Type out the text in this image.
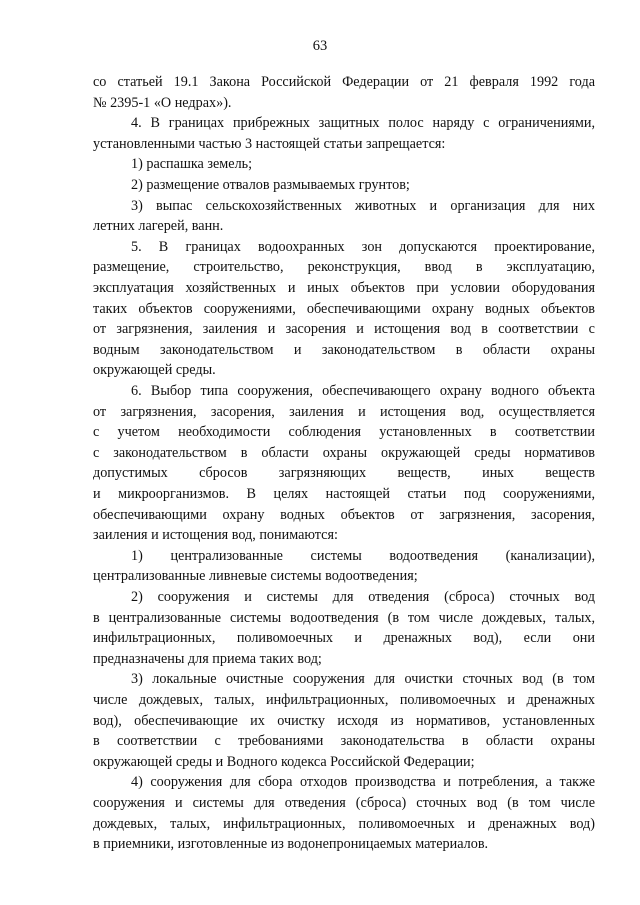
63
со статьей 19.1 Закона Российской Федерации от 21 февраля 1992 года
№ 2395-1 «О недрах»).
4. В границах прибрежных защитных полос наряду с ограничениями,
установленными частью 3 настоящей статьи запрещается:
1) распашка земель;
2) размещение отвалов размываемых грунтов;
3) выпас сельскохозяйственных животных и организация для них
летних лагерей, ванн.
5. В границах водоохранных зон допускаются проектирование,
размещение, строительство, реконструкция, ввод в эксплуатацию,
эксплуатация хозяйственных и иных объектов при условии оборудования
таких объектов сооружениями, обеспечивающими охрану водных объектов
от загрязнения, заиления и засорения и истощения вод в соответствии с
водным законодательством и законодательством в области охраны
окружающей среды.
6. Выбор типа сооружения, обеспечивающего охрану водного объекта
от загрязнения, засорения, заиления и истощения вод, осуществляется
с учетом необходимости соблюдения установленных в соответствии
с законодательством в области охраны окружающей среды нормативов
допустимых сбросов загрязняющих веществ, иных веществ
и микроорганизмов. В целях настоящей статьи под сооружениями,
обеспечивающими охрану водных объектов от загрязнения, засорения,
заиления и истощения вод, понимаются:
1) централизованные системы водоотведения (канализации),
централизованные ливневые системы водоотведения;
2) сооружения и системы для отведения (сброса) сточных вод
в централизованные системы водоотведения (в том числе дождевых, талых,
инфильтрационных, поливомоечных и дренажных вод), если они
предназначены для приема таких вод;
3) локальные очистные сооружения для очистки сточных вод (в том
числе дождевых, талых, инфильтрационных, поливомоечных и дренажных
вод), обеспечивающие их очистку исходя из нормативов, установленных
в соответствии с требованиями законодательства в области охраны
окружающей среды и Водного кодекса Российской Федерации;
4) сооружения для сбора отходов производства и потребления, а также
сооружения и системы для отведения (сброса) сточных вод (в том числе
дождевых, талых, инфильтрационных, поливомоечных и дренажных вод)
в приемники, изготовленные из водонепроницаемых материалов.
